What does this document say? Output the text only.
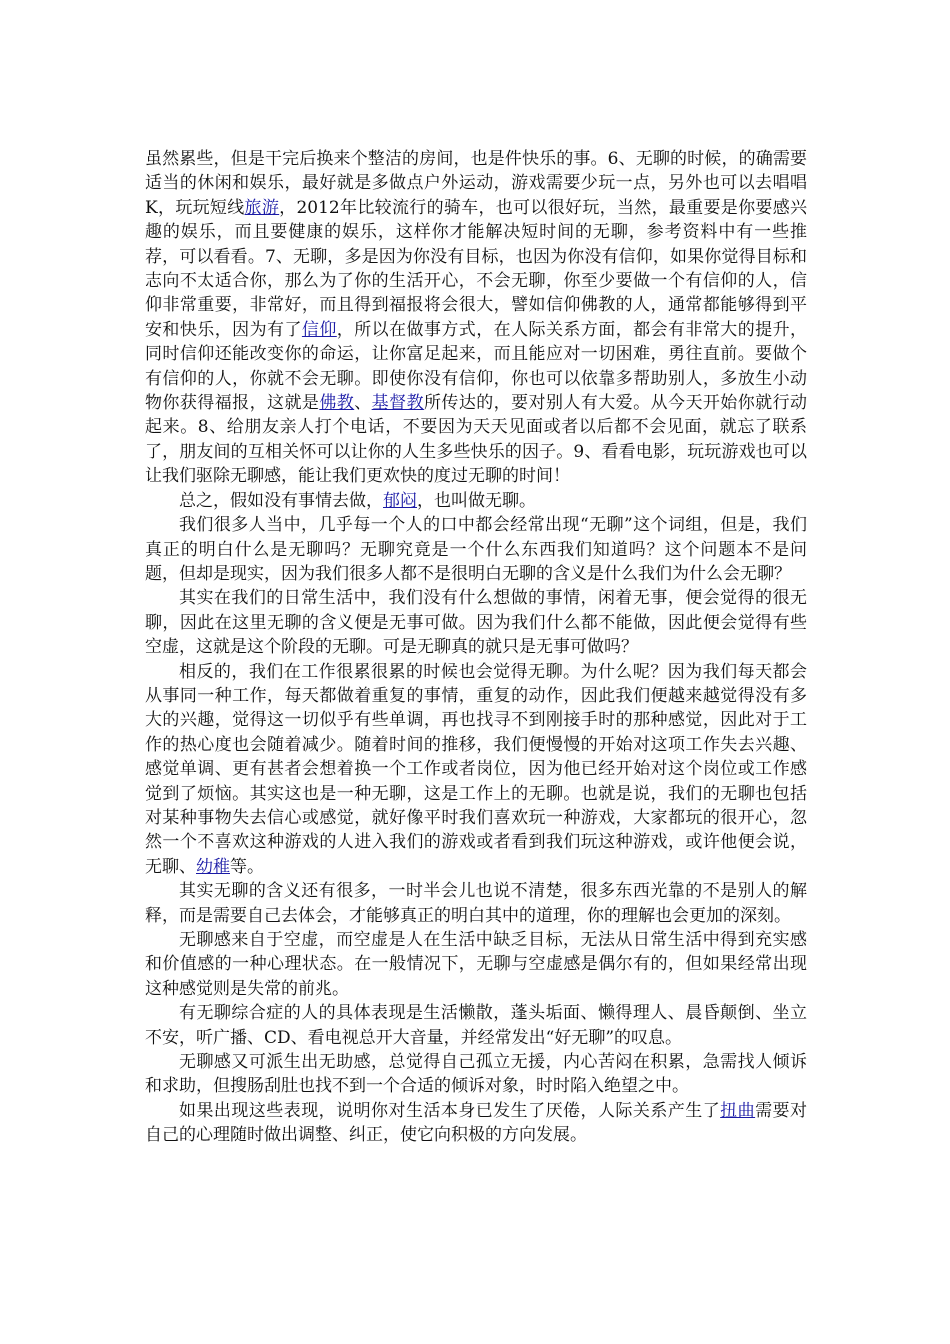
虽然累些，但是干完后换来个整洁的房间，也是件快乐的事。6、无聊的时候，的确需要适当的休闲和娱乐，最好就是多做点户外运动，游戏需要少玩一点，另外也可以去唱唱K，玩玩短线旅游，2012年比较流行的骑车，也可以很好玩，当然，最重要是你要感兴趣的娱乐，而且要健康的娱乐，这样你才能解决短时间的无聊，参考资料中有一些推荐，可以看看。7、无聊，多是因为你没有目标，也因为你没有信仰，如果你觉得目标和志向不太适合你，那么为了你的生活开心，不会无聊，你至少要做一个有信仰的人，信仰非常重要，非常好，而且得到福报将会很大，譬如信仰佛教的人，通常都能够得到平安和快乐，因为有了信仰，所以在做事方式，在人际关系方面，都会有非常大的提升，同时信仰还能改变你的命运，让你富足起来，而且能应对一切困难，勇往直前。要做个有信仰的人，你就不会无聊。即使你没有信仰，你也可以依靠多帮助别人，多放生小动物你获得福报，这就是佛教、基督教所传达的，要对别人有大爱。从今天开始你就行动起来。8、给朋友亲人打个电话，不要因为天天见面或者以后都不会见面，就忘了联系了，朋友间的互相关怀可以让你的人生多些快乐的因子。9、看看电影，玩玩游戏也可以让我们驱除无聊感，能让我们更欢快的度过无聊的时间！

总之，假如没有事情去做，郁闷，也叫做无聊。

我们很多人当中，几乎每一个人的口中都会经常出现“无聊”这个词组，但是，我们真正的明白什么是无聊吗？无聊究竟是一个什么东西我们知道吗？这个问题本不是问题，但却是现实，因为我们很多人都不是很明白无聊的含义是什么我们为什么会无聊？

其实在我们的日常生活中，我们没有什么想做的事情，闲着无事，便会觉得的很无聊，因此在这里无聊的含义便是无事可做。因为我们什么都不能做，因此便会觉得有些空虚，这就是这个阶段的无聊。可是无聊真的就只是无事可做吗？

相反的，我们在工作很累很累的时候也会觉得无聊。为什么呢？因为我们每天都会从事同一种工作，每天都做着重复的事情，重复的动作，因此我们便越来越觉得没有多大的兴趣，觉得这一切似乎有些单调，再也找寻不到刚接手时的那种感觉，因此对于工作的热心度也会随着减少。随着时间的推移，我们便慢慢的开始对这项工作失去兴趣、感觉单调、更有甚者会想着换一个工作或者岗位，因为他已经开始对这个岗位或工作感觉到了烦恼。其实这也是一种无聊，这是工作上的无聊。也就是说，我们的无聊也包括对某种事物失去信心或感觉，就好像平时我们喜欢玩一种游戏，大家都玩的很开心，忽然一个不喜欢这种游戏的人进入我们的游戏或者看到我们玩这种游戏，或许他便会说，无聊、幼稚等。

其实无聊的含义还有很多，一时半会儿也说不清楚，很多东西光靠的不是别人的解释，而是需要自己去体会，才能够真正的明白其中的道理，你的理解也会更加的深刻。

无聊感来自于空虚，而空虚是人在生活中缺乏目标，无法从日常生活中得到充实感和价值感的一种心理状态。在一般情况下，无聊与空虚感是偶尔有的，但如果经常出现这种感觉则是失常的前兆。

有无聊综合症的人的具体表现是生活懒散，蓬头垢面、懒得理人、晨昏颠倒、坐立不安，听广播、CD、看电视总开大音量，并经常发出“好无聊”的叹息。

无聊感又可派生出无助感，总觉得自己孤立无援，内心苦闷在积累，急需找人倾诉和求助，但搜肠刮肚也找不到一个合适的倾诉对象，时时陷入绝望之中。

如果出现这些表现，说明你对生活本身已发生了厌倦，人际关系产生了扭曲需要对自己的心理随时做出调整、纠正，使它向积极的方向发展。
